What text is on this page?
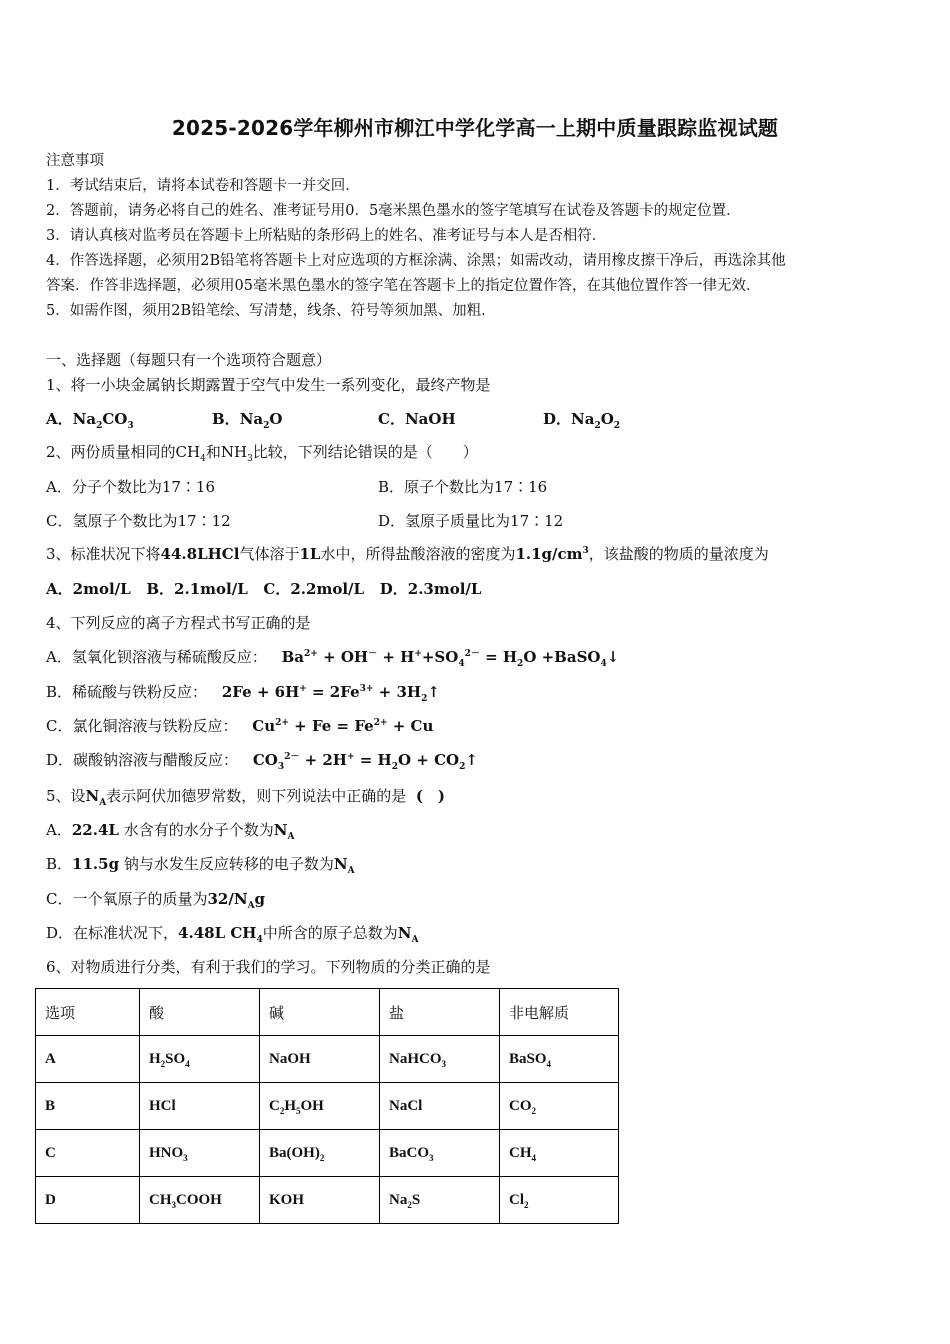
2025-2026学年柳州市柳江中学化学高一上期中质量跟踪监视试题
注意事项
1．考试结束后，请将本试卷和答题卡一并交回．
2．答题前，请务必将自己的姓名、准考证号用0．5毫米黑色墨水的签字笔填写在试卷及答题卡的规定位置．
3．请认真核对监考员在答题卡上所粘贴的条形码上的姓名、准考证号与本人是否相符．
4．作答选择题，必须用2B铅笔将答题卡上对应选项的方框涂满、涂黑；如需改动，请用橡皮擦干净后，再选涂其他
答案．作答非选择题，必须用05毫米黑色墨水的签字笔在答题卡上的指定位置作答，在其他位置作答一律无效．
5．如需作图，须用2B铅笔绘、写清楚，线条、符号等须加黑、加粗．
一、选择题（每题只有一个选项符合题意）
1、将一小块金属钠长期露置于空气中发生一系列变化，最终产物是
A．$Na_2CO_3$	B．$Na_2O$	C．NaOH	D．$Na_2O_2$
2、两份质量相同的$CH_4$和$NH_3$比较，下列结论错误的是（　　）
A．分子个数比为17∶16	B．原子个数比为17∶16
C．氢原子个数比为17∶12	D．氢原子质量比为17∶12
3、标准状况下将44.8LHCl气体溶于1L水中，所得盐酸溶液的密度为$1.1g/cm^3$，该盐酸的物质的量浓度为
A．2mol/L B．2.1mol/L C．2.2mol/L D．2.3mol/L
4、下列反应的离子方程式书写正确的是
A．氢氧化钡溶液与稀硫酸反应： $Ba^{2+} + OH^- + H^++SO_4^{2-} = H_2O$ +BaSO$_4$↓
B．稀硫酸与铁粉反应： $2Fe + 6H^+ = 2Fe^{3+}$ + $3H_2↑$
C．氯化铜溶液与铁粉反应： $Cu^{2+} + Fe = Fe^{2+} + Cu$
D．碳酸钠溶液与醋酸反应： $CO_3^{2-} + 2H^+ = H_2O$ + $CO_2↑$
5、设$N_A$表示阿伏加德罗常数，则下列说法中正确的是 (　)
A．22.4L 水含有的水分子个数为$N_A$
B．11.5g 钠与水发生反应转移的电子数为$N_A$
C．一个氧原子的质量为$32/N_Ag$
D．在标准状况下，4.48L $CH_4$中所含的原子总数为$N_A$
6、对物质进行分类，有利于我们的学习。下列物质的分类正确的是
选项	酸	碱	盐	非电解质
A	$H_2SO_4$	NaOH	NaHCO$_3$	BaSO$_4$
B	HCl	$C_2H_5OH$	NaCl	$CO_2$
C	$HNO_3$	$Ba(OH)_2$	BaCO$_3$	$CH_4$
D	$CH_3COOH$	KOH	$Na_2S$	$Cl_2$
